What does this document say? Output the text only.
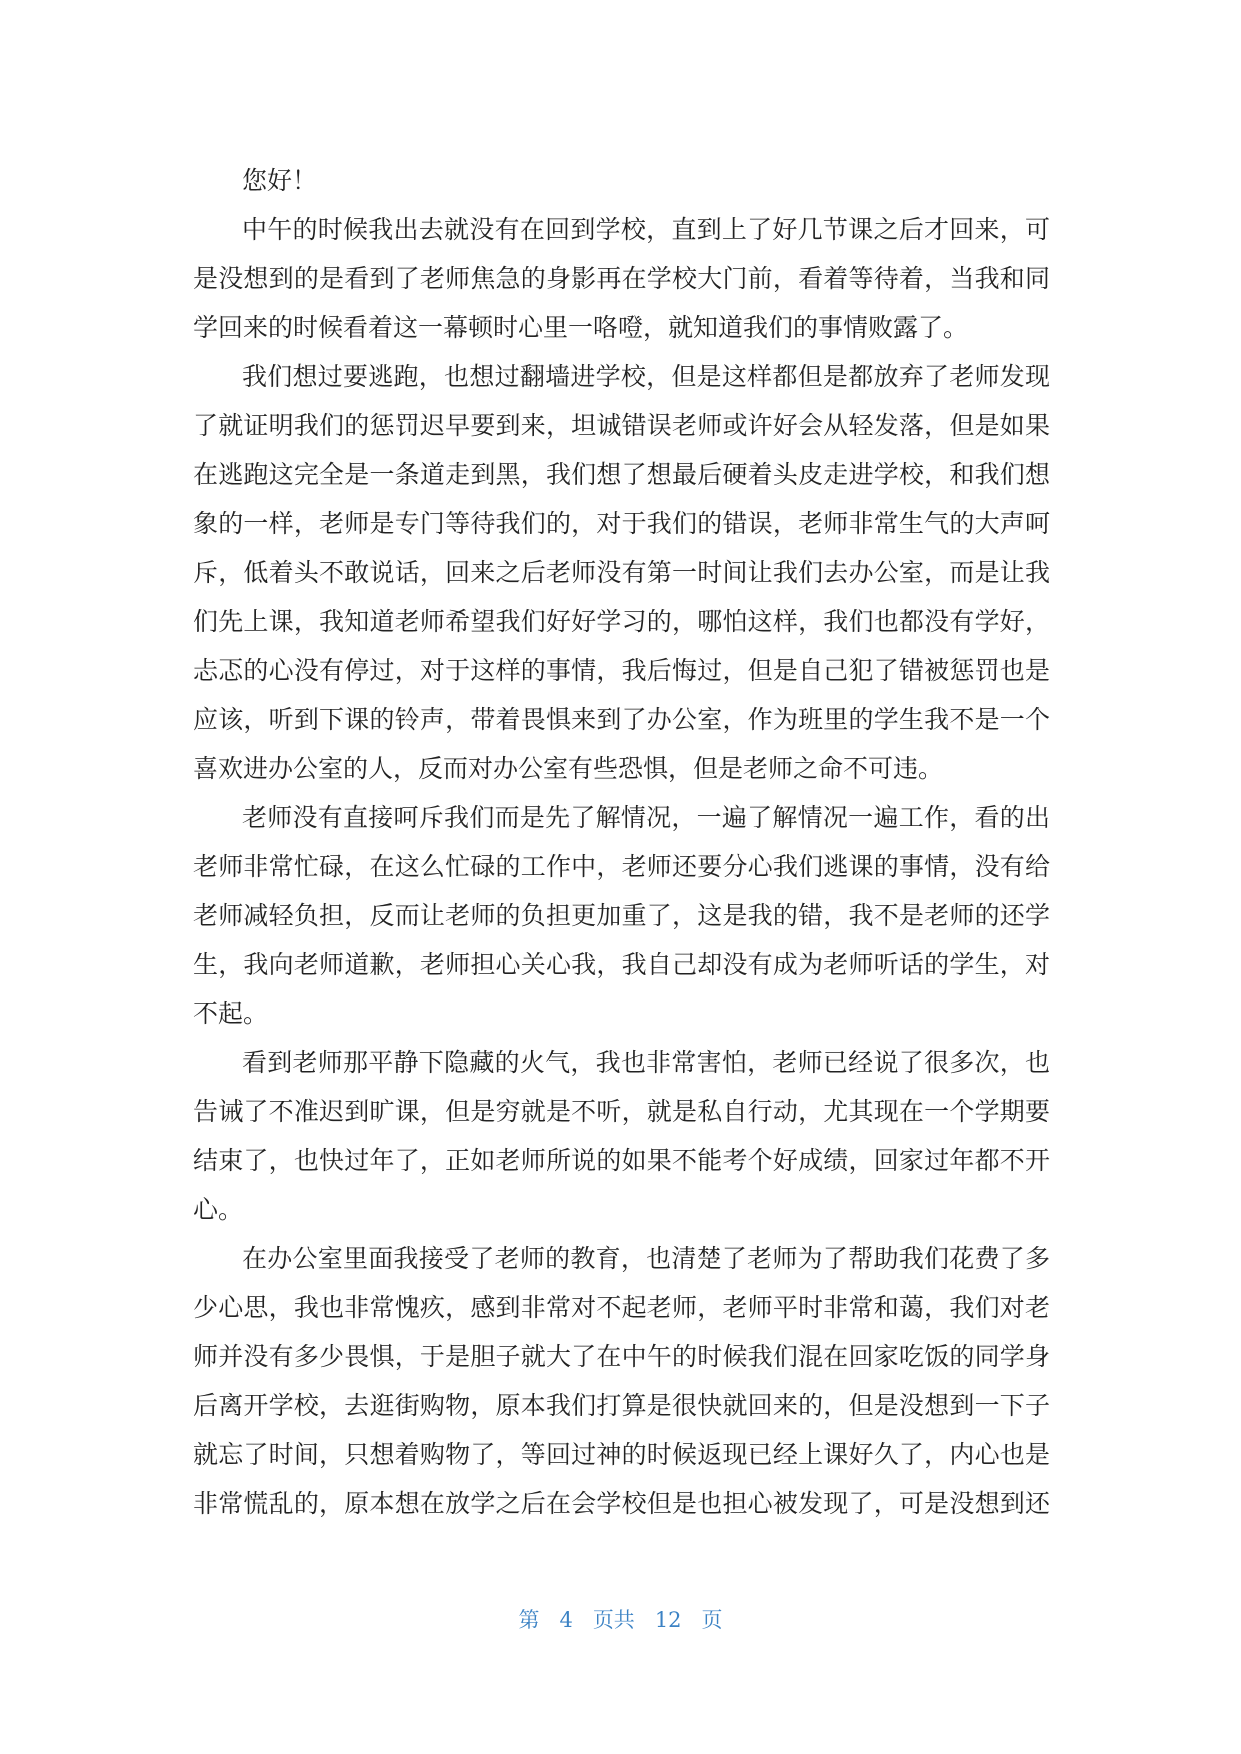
您好！
中午的时候我出去就没有在回到学校，直到上了好几节课之后才回来，可
是没想到的是看到了老师焦急的身影再在学校大门前，看着等待着，当我和同
学回来的时候看着这一幕顿时心里一咯噔，就知道我们的事情败露了。
我们想过要逃跑，也想过翻墙进学校，但是这样都但是都放弃了老师发现
了就证明我们的惩罚迟早要到来，坦诚错误老师或许好会从轻发落，但是如果
在逃跑这完全是一条道走到黑，我们想了想最后硬着头皮走进学校，和我们想
象的一样，老师是专门等待我们的，对于我们的错误，老师非常生气的大声呵
斥，低着头不敢说话，回来之后老师没有第一时间让我们去办公室，而是让我
们先上课，我知道老师希望我们好好学习的，哪怕这样，我们也都没有学好，
忐忑的心没有停过，对于这样的事情，我后悔过，但是自己犯了错被惩罚也是
应该，听到下课的铃声，带着畏惧来到了办公室，作为班里的学生我不是一个
喜欢进办公室的人，反而对办公室有些恐惧，但是老师之命不可违。
老师没有直接呵斥我们而是先了解情况，一遍了解情况一遍工作，看的出
老师非常忙碌，在这么忙碌的工作中，老师还要分心我们逃课的事情，没有给
老师减轻负担，反而让老师的负担更加重了，这是我的错，我不是老师的还学
生，我向老师道歉，老师担心关心我，我自己却没有成为老师听话的学生，对
不起。
看到老师那平静下隐藏的火气，我也非常害怕，老师已经说了很多次，也
告诫了不准迟到旷课，但是穷就是不听，就是私自行动，尤其现在一个学期要
结束了，也快过年了，正如老师所说的如果不能考个好成绩，回家过年都不开
心。
在办公室里面我接受了老师的教育，也清楚了老师为了帮助我们花费了多
少心思，我也非常愧疚，感到非常对不起老师，老师平时非常和蔼，我们对老
师并没有多少畏惧，于是胆子就大了在中午的时候我们混在回家吃饭的同学身
后离开学校，去逛街购物，原本我们打算是很快就回来的，但是没想到一下子
就忘了时间，只想着购物了，等回过神的时候返现已经上课好久了，内心也是
非常慌乱的，原本想在放学之后在会学校但是也担心被发现了，可是没想到还
第 4 页共 12 页
